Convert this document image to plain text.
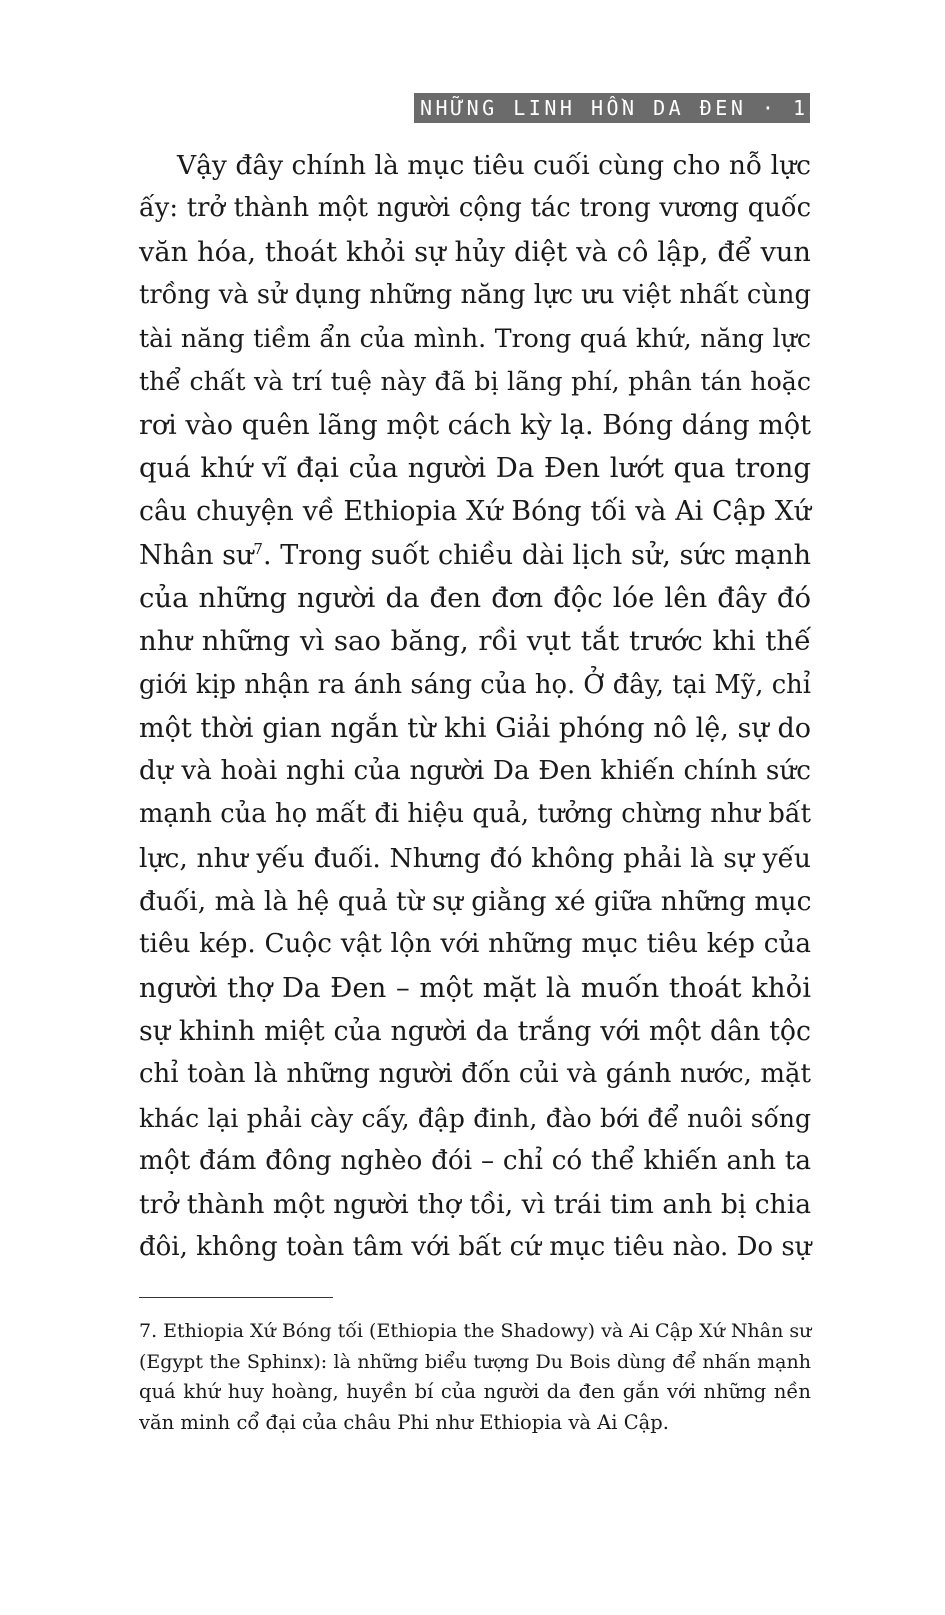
NHỮNG LINH HỒN DA ĐEN · 15
Vậy đây chính là mục tiêu cuối cùng cho nỗ lực
ấy: trở thành một người cộng tác trong vương quốc
văn hóa, thoát khỏi sự hủy diệt và cô lập, để vun
trồng và sử dụng những năng lực ưu việt nhất cùng
tài năng tiềm ẩn của mình. Trong quá khứ, năng lực
thể chất và trí tuệ này đã bị lãng phí, phân tán hoặc
rơi vào quên lãng một cách kỳ lạ. Bóng dáng một
quá khứ vĩ đại của người Da Đen lướt qua trong
câu chuyện về Ethiopia Xứ Bóng tối và Ai Cập Xứ
Nhân sư$^7$. Trong suốt chiều dài lịch sử, sức mạnh
của những người da đen đơn độc lóe lên đây đó
như những vì sao băng, rồi vụt tắt trước khi thế
giới kịp nhận ra ánh sáng của họ. Ở đây, tại Mỹ, chỉ
một thời gian ngắn từ khi Giải phóng nô lệ, sự do
dự và hoài nghi của người Da Đen khiến chính sức
mạnh của họ mất đi hiệu quả, tưởng chừng như bất
lực, như yếu đuối. Nhưng đó không phải là sự yếu
đuối, mà là hệ quả từ sự giằng xé giữa những mục
tiêu kép. Cuộc vật lộn với những mục tiêu kép của
người thợ Da Đen – một mặt là muốn thoát khỏi
sự khinh miệt của người da trắng với một dân tộc
chỉ toàn là những người đốn củi và gánh nước, mặt
khác lại phải cày cấy, đập đinh, đào bới để nuôi sống
một đám đông nghèo đói – chỉ có thể khiến anh ta
trở thành một người thợ tồi, vì trái tim anh bị chia
đôi, không toàn tâm với bất cứ mục tiêu nào. Do sự
7. Ethiopia Xứ Bóng tối (Ethiopia the Shadowy) và Ai Cập Xứ Nhân sư
(Egypt the Sphinx): là những biểu tượng Du Bois dùng để nhấn mạnh
quá khứ huy hoàng, huyền bí của người da đen gắn với những nền
văn minh cổ đại của châu Phi như Ethiopia và Ai Cập.
